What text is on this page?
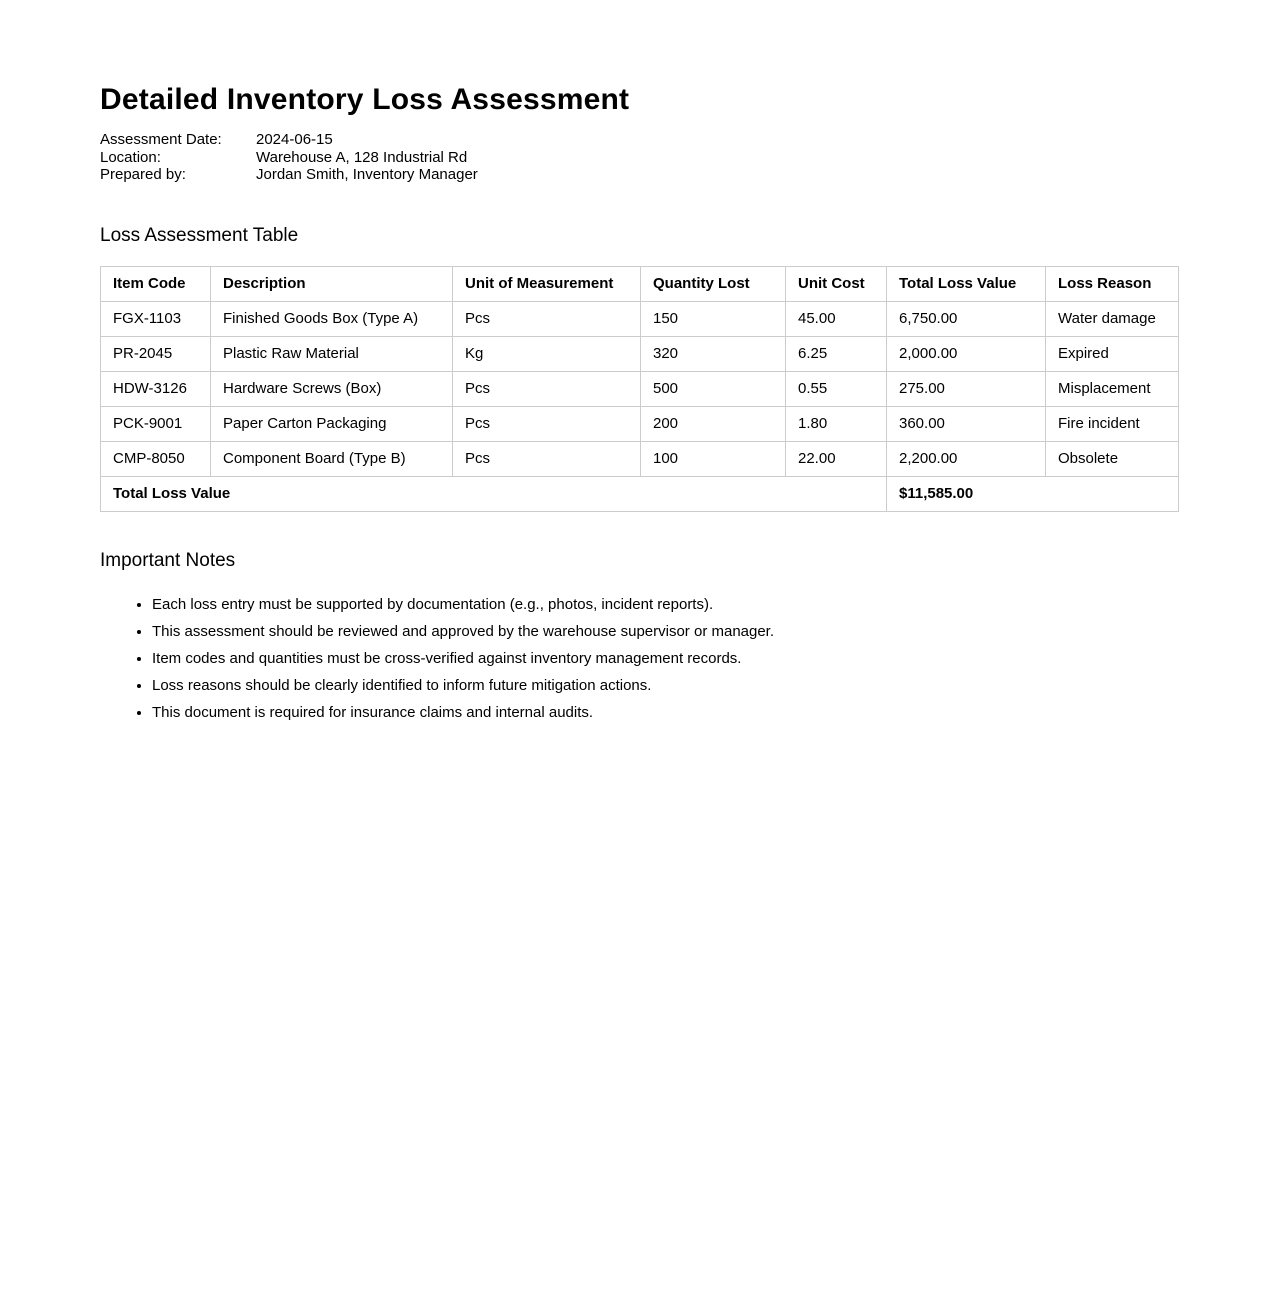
Detailed Inventory Loss Assessment
Assessment Date:	2024-06-15
Location:	Warehouse A, 128 Industrial Rd
Prepared by:	Jordan Smith, Inventory Manager
Loss Assessment Table
Item Code	Description	Unit of Measurement	Quantity Lost	Unit Cost	Total Loss Value	Loss Reason
FGX-1103	Finished Goods Box (Type A)	Pcs	150	45.00	6,750.00	Water damage
PR-2045	Plastic Raw Material	Kg	320	6.25	2,000.00	Expired
HDW-3126	Hardware Screws (Box)	Pcs	500	0.55	275.00	Misplacement
PCK-9001	Paper Carton Packaging	Pcs	200	1.80	360.00	Fire incident
CMP-8050	Component Board (Type B)	Pcs	100	22.00	2,200.00	Obsolete
Total Loss Value					$11,585.00	
Important Notes
• Each loss entry must be supported by documentation (e.g., photos, incident reports).
• This assessment should be reviewed and approved by the warehouse supervisor or manager.
• Item codes and quantities must be cross-verified against inventory management records.
• Loss reasons should be clearly identified to inform future mitigation actions.
• This document is required for insurance claims and internal audits.
